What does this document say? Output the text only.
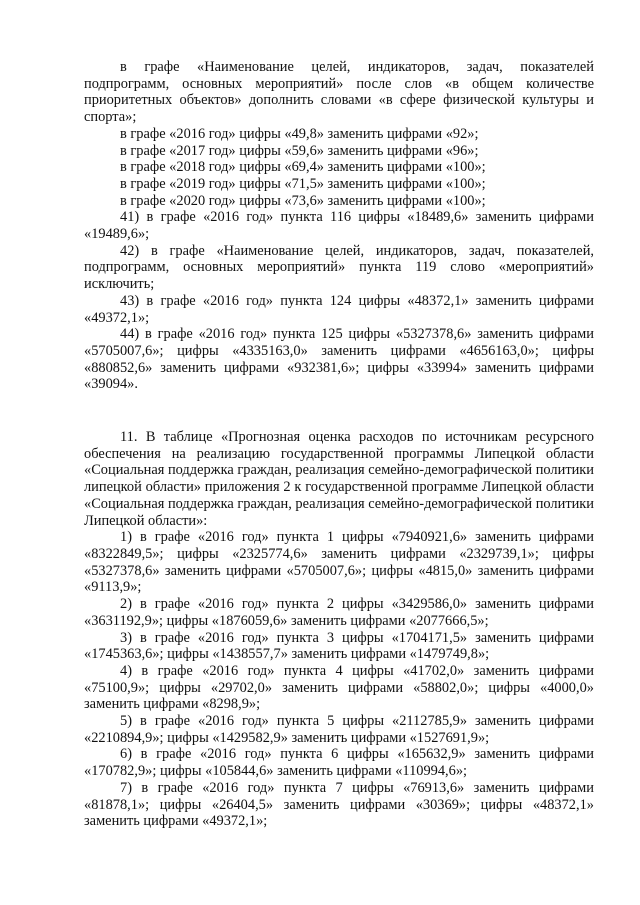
в графе «Наименование целей, индикаторов, задач, показателей подпрограмм, основных мероприятий» после слов «в общем количестве приоритетных объектов» дополнить словами «в сфере физической культуры и спорта»;

в графе «2016 год» цифры «49,8» заменить цифрами «92»;

в графе «2017 год» цифры «59,6» заменить цифрами «96»;

в графе «2018 год» цифры «69,4» заменить цифрами «100»;

в графе «2019 год» цифры «71,5» заменить цифрами «100»;

в графе «2020 год» цифры «73,6» заменить цифрами «100»;

41) в графе «2016 год» пункта 116 цифры «18489,6» заменить цифрами «19489,6»;

42) в графе «Наименование целей, индикаторов, задач, показателей, подпрограмм, основных мероприятий» пункта 119 слово «мероприятий» исключить;

43) в графе «2016 год» пункта 124 цифры «48372,1» заменить цифрами «49372,1»;

44) в графе «2016 год» пункта 125 цифры «5327378,6» заменить цифрами «5705007,6»; цифры «4335163,0» заменить цифрами «4656163,0»; цифры «880852,6» заменить цифрами «932381,6»; цифры «33994» заменить цифрами «39094».

11. В таблице «Прогнозная оценка расходов по источникам ресурсного обеспечения на реализацию государственной программы Липецкой области «Социальная поддержка граждан, реализация семейно-демографической политики липецкой области» приложения 2 к государственной программе Липецкой области «Социальная поддержка граждан, реализация семейно-демографической политики Липецкой области»:

1) в графе «2016 год» пункта 1 цифры «7940921,6» заменить цифрами «8322849,5»; цифры «2325774,6» заменить цифрами «2329739,1»; цифры «5327378,6» заменить цифрами «5705007,6»; цифры «4815,0» заменить цифрами «9113,9»;

2) в графе «2016 год» пункта 2 цифры «3429586,0» заменить цифрами «3631192,9»; цифры «1876059,6» заменить цифрами «2077666,5»;

3) в графе «2016 год» пункта 3 цифры «1704171,5» заменить цифрами «1745363,6»; цифры «1438557,7» заменить цифрами «1479749,8»;

4) в графе «2016 год» пункта 4 цифры «41702,0» заменить цифрами «75100,9»; цифры «29702,0» заменить цифрами «58802,0»; цифры «4000,0» заменить цифрами «8298,9»;

5) в графе «2016 год» пункта 5 цифры «2112785,9» заменить цифрами «2210894,9»; цифры «1429582,9» заменить цифрами «1527691,9»;

6) в графе «2016 год» пункта 6 цифры «165632,9» заменить цифрами «170782,9»; цифры «105844,6» заменить цифрами «110994,6»;

7) в графе «2016 год» пункта 7 цифры «76913,6» заменить цифрами «81878,1»; цифры «26404,5» заменить цифрами «30369»; цифры «48372,1» заменить цифрами «49372,1»;
